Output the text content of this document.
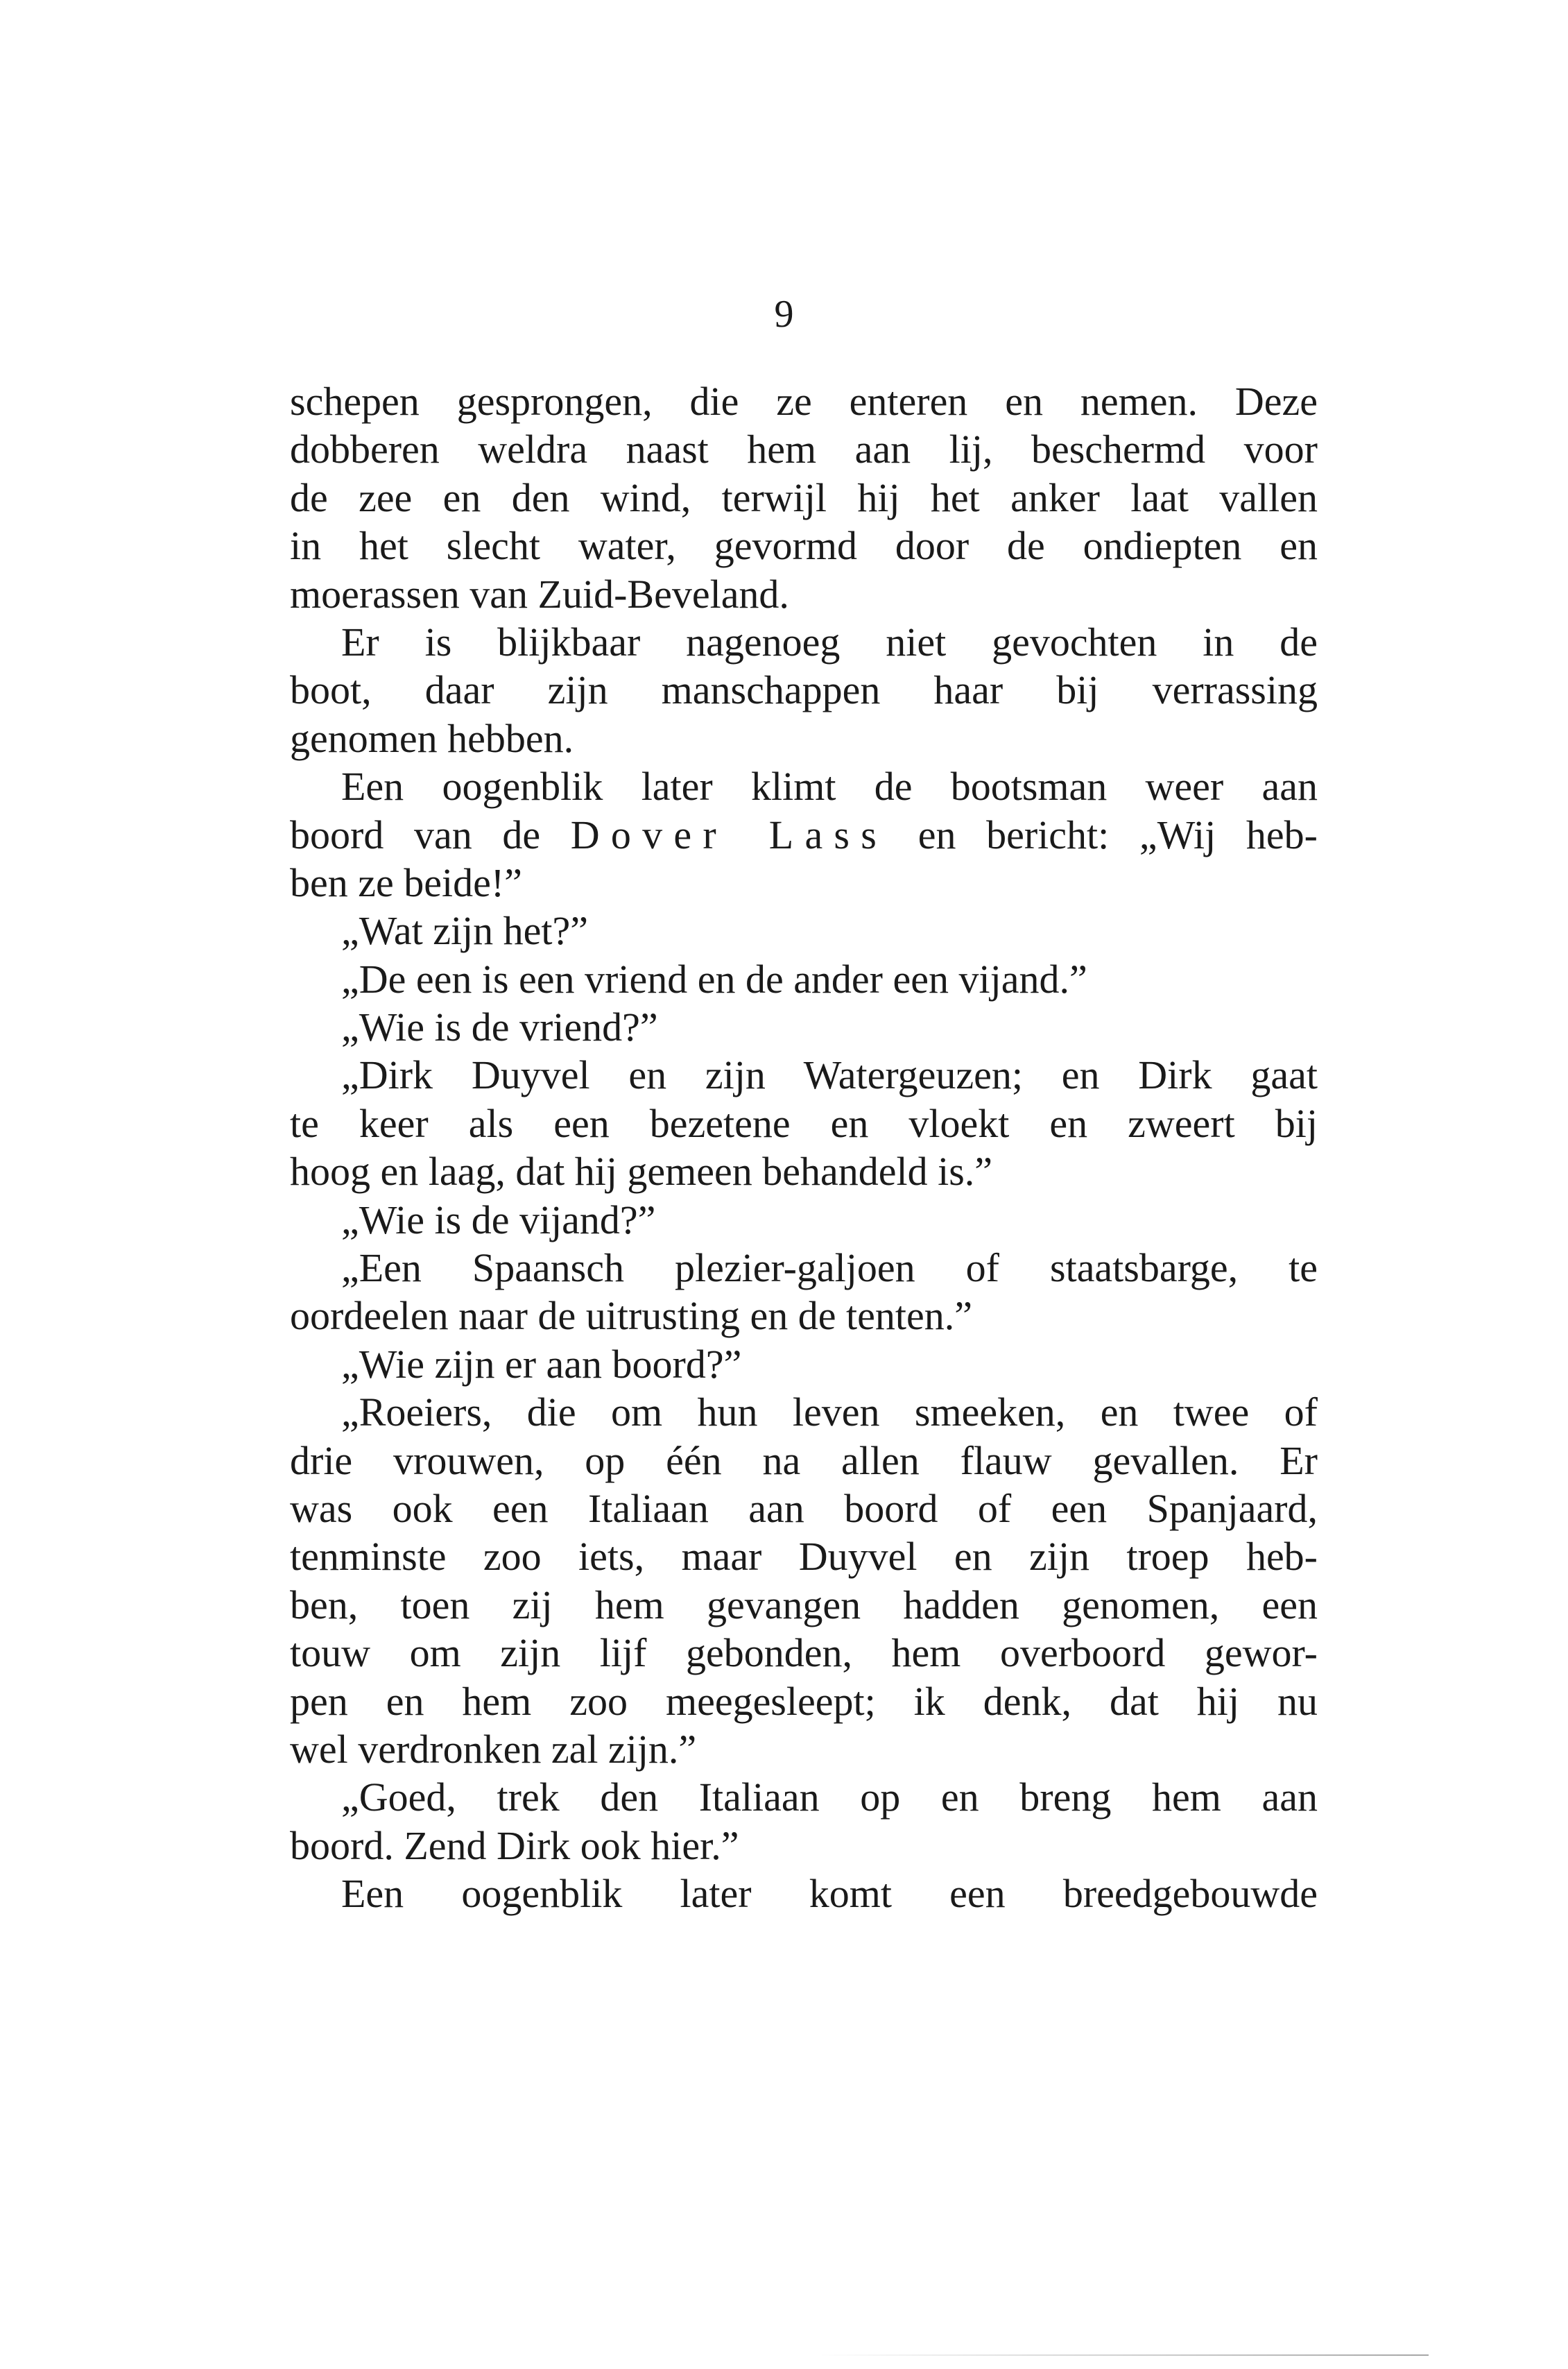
9
schepen gesprongen, die ze enteren en nemen. Deze
dobberen weldra naast hem aan lij, beschermd voor
de zee en den wind, terwijl hij het anker laat vallen
in het slecht water, gevormd door de ondiepten en
moerassen van Zuid-Beveland.
Er is blijkbaar nagenoeg niet gevochten in de
boot, daar zijn manschappen haar bij verrassing
genomen hebben.
Een oogenblik later klimt de bootsman weer aan
boord van de Dover Lass en bericht: „Wij heb-
ben ze beide!”
„Wat zijn het?”
„De een is een vriend en de ander een vijand.”
„Wie is de vriend?”
„Dirk Duyvel en zijn Watergeuzen; en Dirk gaat
te keer als een bezetene en vloekt en zweert bij
hoog en laag, dat hij gemeen behandeld is.”
„Wie is de vijand?”
„Een Spaansch plezier-galjoen of staatsbarge, te
oordeelen naar de uitrusting en de tenten.”
„Wie zijn er aan boord?”
„Roeiers, die om hun leven smeeken, en twee of
drie vrouwen, op één na allen flauw gevallen. Er
was ook een Italiaan aan boord of een Spanjaard,
tenminste zoo iets, maar Duyvel en zijn troep heb-
ben, toen zij hem gevangen hadden genomen, een
touw om zijn lijf gebonden, hem overboord gewor-
pen en hem zoo meegesleept; ik denk, dat hij nu
wel verdronken zal zijn.”
„Goed, trek den Italiaan op en breng hem aan
boord. Zend Dirk ook hier.”
Een oogenblik later komt een breedgebouwde
